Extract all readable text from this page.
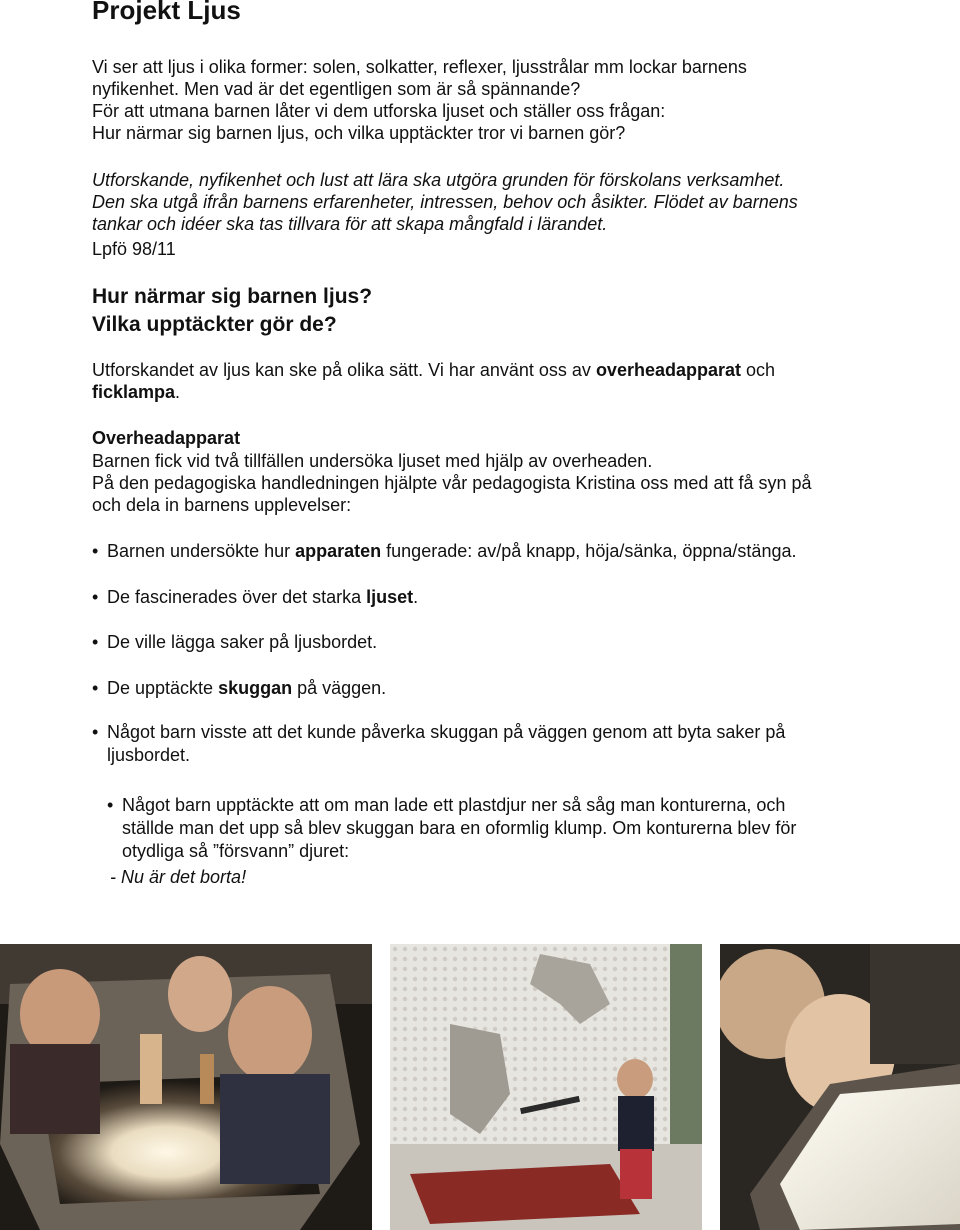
Projekt Ljus
Vi ser att ljus i olika former: solen, solkatter, reflexer, ljusstrålar mm lockar barnens
nyfikenhet. Men vad är det egentligen som är så spännande?
För att utmana barnen låter vi dem utforska ljuset och ställer oss frågan:
Hur närmar sig barnen ljus, och vilka upptäckter tror vi barnen gör?
Utforskande, nyfikenhet och lust att lära ska utgöra grunden för förskolans verksamhet.
Den ska utgå ifrån barnens erfarenheter, intressen, behov och åsikter. Flödet av barnens
tankar och idéer ska tas tillvara för att skapa mångfald i lärandet.
Lpfö 98/11
Hur närmar sig barnen ljus?
Vilka upptäckter gör de?
Utforskandet av ljus kan ske på olika sätt. Vi har använt oss av overheadapparat och
ficklampa.
Overheadapparat
Barnen fick vid två tillfällen undersöka ljuset med hjälp av overheaden.
På den pedagogiska handledningen hjälpte vår pedagogista Kristina oss med att få syn på
och dela in barnens upplevelser:
• Barnen undersökte hur apparaten fungerade: av/på knapp, höja/sänka, öppna/stänga.
• De fascinerades över det starka ljuset.
• De ville lägga saker på ljusbordet.
• De upptäckte skuggan på väggen.
• Något barn visste att det kunde påverka skuggan på väggen genom att byta saker på
ljusbordet.
• Något barn upptäckte att om man lade ett plastdjur ner så såg man konturerna, och
ställde man det upp så blev skuggan bara en oformlig klump. Om konturerna blev för
otydliga så ”försvann” djuret:
- Nu är det borta!
